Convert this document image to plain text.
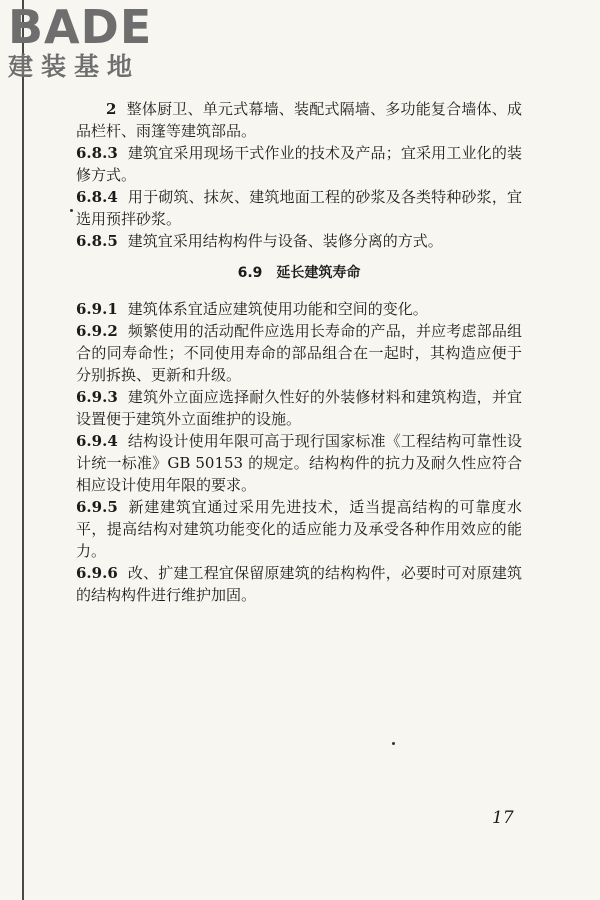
BADE
建装基地

2 整体厨卫、单元式幕墙、装配式隔墙、多功能复合墙体、成品栏杆、雨篷等建筑部品。

6.8.3 建筑宜采用现场干式作业的技术及产品；宜采用工业化的装修方式。

6.8.4 用于砌筑、抹灰、建筑地面工程的砂浆及各类特种砂浆，宜选用预拌砂浆。

6.8.5 建筑宜采用结构构件与设备、装修分离的方式。

6.9 延长建筑寿命

6.9.1 建筑体系宜适应建筑使用功能和空间的变化。

6.9.2 频繁使用的活动配件应选用长寿命的产品，并应考虑部品组合的同寿命性；不同使用寿命的部品组合在一起时，其构造应便于分别拆换、更新和升级。

6.9.3 建筑外立面应选择耐久性好的外装修材料和建筑构造，并宜设置便于建筑外立面维护的设施。

6.9.4 结构设计使用年限可高于现行国家标准《工程结构可靠性设计统一标准》GB 50153 的规定。结构构件的抗力及耐久性应符合相应设计使用年限的要求。

6.9.5 新建建筑宜通过采用先进技术，适当提高结构的可靠度水平，提高结构对建筑功能变化的适应能力及承受各种作用效应的能力。

6.9.6 改、扩建工程宜保留原建筑的结构构件，必要时可对原建筑的结构构件进行维护加固。

17
